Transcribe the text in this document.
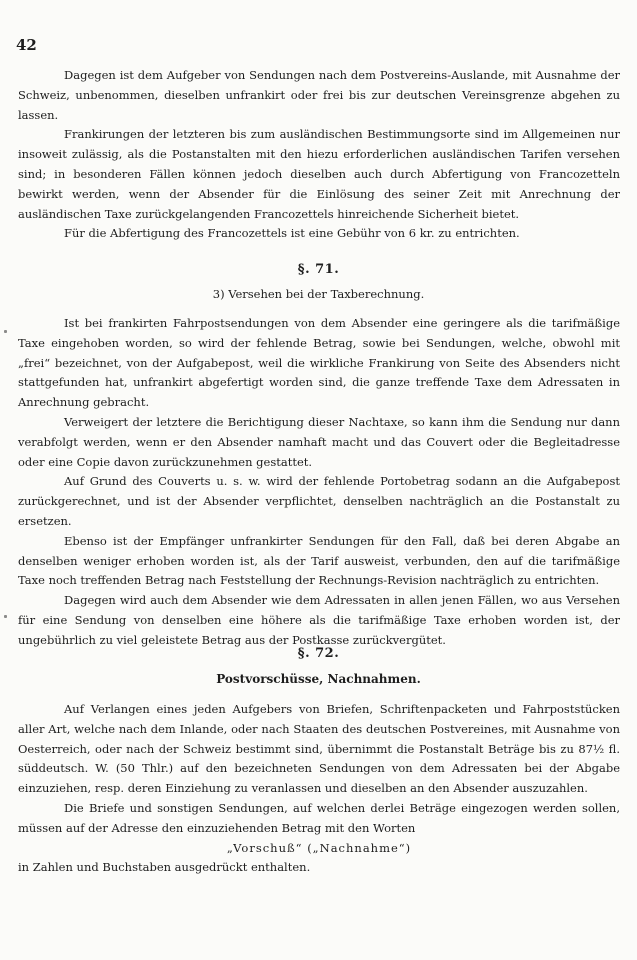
42

Dagegen ist dem Aufgeber von Sendungen nach dem Postvereins-Auslande, mit Ausnahme der Schweiz, unbenommen, dieselben unfrankirt oder frei bis zur deutschen Vereinsgrenze abgehen zu lassen.

Frankirungen der letzteren bis zum ausländischen Bestimmungsorte sind im Allgemeinen nur insoweit zulässig, als die Postanstalten mit den hiezu erforderlichen ausländischen Tarifen versehen sind; in besonderen Fällen können jedoch dieselben auch durch Abfertigung von Francozetteln bewirkt werden, wenn der Absender für die Einlösung des seiner Zeit mit Anrechnung der ausländischen Taxe zurückgelangenden Francozettels hinreichende Sicherheit bietet.

Für die Abfertigung des Francozettels ist eine Gebühr von 6 kr. zu entrichten.

§. 71.
3) Versehen bei der Taxberechnung.

Ist bei frankirten Fahrpostsendungen von dem Absender eine geringere als die tarifmäßige Taxe eingehoben worden, so wird der fehlende Betrag, sowie bei Sendungen, welche, obwohl mit „frei“ bezeichnet, von der Aufgabepost, weil die wirkliche Frankirung von Seite des Absenders nicht stattgefunden hat, unfrankirt abgefertigt worden sind, die ganze treffende Taxe dem Adressaten in Anrechnung gebracht.

Verweigert der letztere die Berichtigung dieser Nachtaxe, so kann ihm die Sendung nur dann verabfolgt werden, wenn er den Absender namhaft macht und das Couvert oder die Begleitadresse oder eine Copie davon zurückzunehmen gestattet.

Auf Grund des Couverts u. s. w. wird der fehlende Portobetrag sodann an die Aufgabepost zurückgerechnet, und ist der Absender verpflichtet, denselben nachträglich an die Postanstalt zu ersetzen.

Ebenso ist der Empfänger unfrankirter Sendungen für den Fall, daß bei deren Abgabe an denselben weniger erhoben worden ist, als der Tarif ausweist, verbunden, den auf die tarifmäßige Taxe noch treffenden Betrag nach Feststellung der Rechnungs-Revision nachträglich zu entrichten.

Dagegen wird auch dem Absender wie dem Adressaten in allen jenen Fällen, wo aus Versehen für eine Sendung von denselben eine höhere als die tarifmäßige Taxe erhoben worden ist, der ungebührlich zu viel geleistete Betrag aus der Postkasse zurückvergütet.

§. 72.
Postvorschüsse, Nachnahmen.

Auf Verlangen eines jeden Aufgebers von Briefen, Schriftenpacketen und Fahrpoststücken aller Art, welche nach dem Inlande, oder nach Staaten des deutschen Postvereines, mit Ausnahme von Oesterreich, oder nach der Schweiz bestimmt sind, übernimmt die Postanstalt Beträge bis zu 87½ fl. süddeutsch. W. (50 Thlr.) auf den bezeichneten Sendungen von dem Adressaten bei der Abgabe einzuziehen, resp. deren Einziehung zu veranlassen und dieselben an den Absender auszuzahlen.

Die Briefe und sonstigen Sendungen, auf welchen derlei Beträge eingezogen werden sollen, müssen auf der Adresse den einzuziehenden Betrag mit den Worten

„Vorschuß“ („Nachnahme“)
in Zahlen und Buchstaben ausgedrückt enthalten.
